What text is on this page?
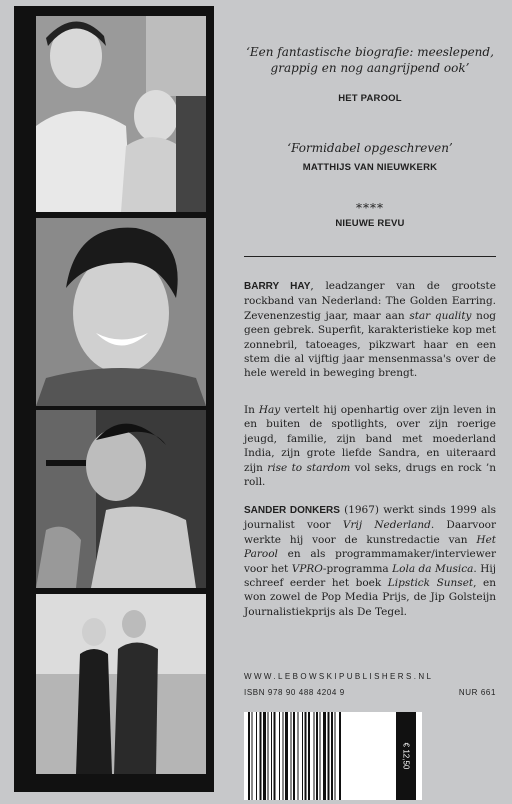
‘Een fantastische biografie: meeslepend, grappig en nog aangrijpend ook’
HET PAROOL
‘Formidabel opgeschreven’
MATTHIJS VAN NIEUWKERK
****
NIEUWE REVU
BARRY HAY, leadzanger van de grootste rockband van Nederland: The Golden Earring. Zevenenzestig jaar, maar aan star quality nog geen gebrek. Superfit, karakteristieke kop met zonnebril, tatoeages, pikzwart haar en een stem die al vijftig jaar mensenmassa's over de hele wereld in beweging brengt.
In Hay vertelt hij openhartig over zijn leven in en buiten de spotlights, over zijn roerige jeugd, familie, zijn band met moederland India, zijn grote liefde Sandra, en uiteraard zijn rise to stardom vol seks, drugs en rock ’n roll.
SANDER DONKERS (1967) werkt sinds 1999 als journalist voor Vrij Nederland. Daarvoor werkte hij voor de kunstredactie van Het Parool en als programmamaker/interviewer voor het VPRO-programma Lola da Musica. Hij schreef eerder het boek Lipstick Sunset, en won zowel de Pop Media Prijs, de Jip Golsteijn Journalistiekprijs als De Tegel.
WWW.LEBOWSKIPUBLISHERS.NL
ISBN 978 90 488 4204 9	NUR 661
€ 12,50
